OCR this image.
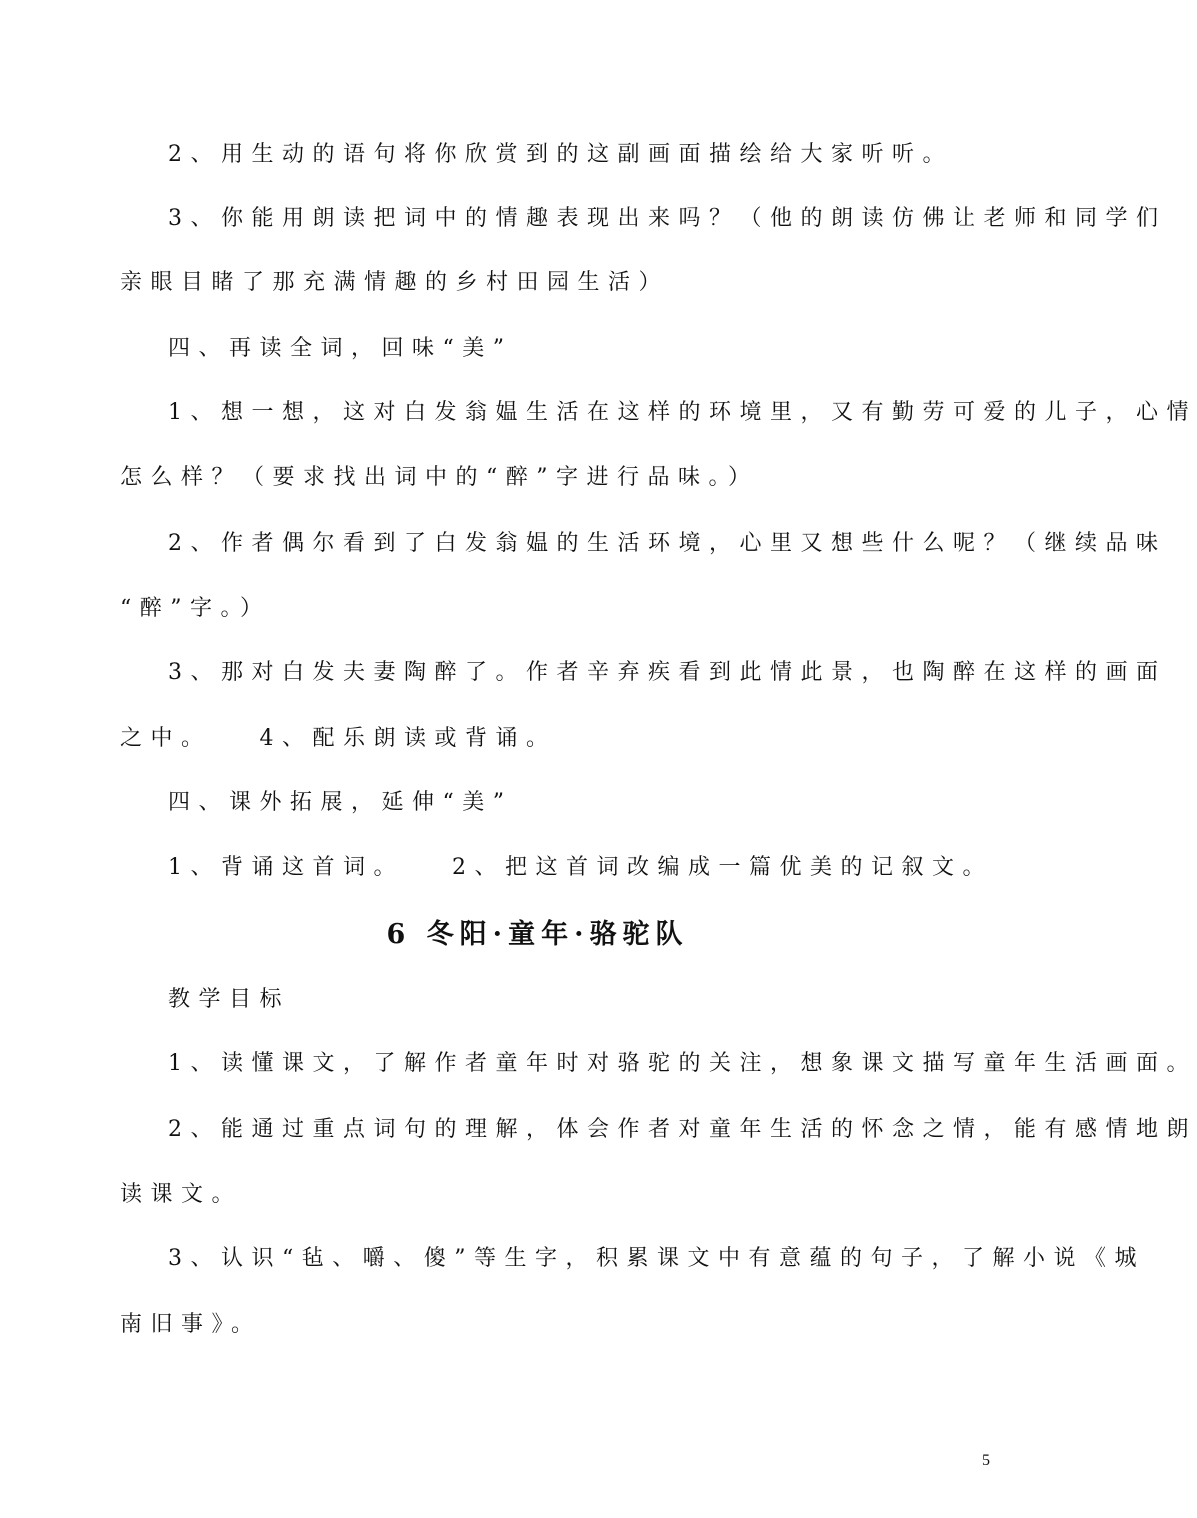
2、用生动的语句将你欣赏到的这副画面描绘给大家听听。
3、你能用朗读把词中的情趣表现出来吗？（他的朗读仿佛让老师和同学们
亲眼目睹了那充满情趣的乡村田园生活）
四、再读全词，回味“美”
1、想一想，这对白发翁媪生活在这样的环境里，又有勤劳可爱的儿子，心情
怎么样？（要求找出词中的“醉”字进行品味。）
2、作者偶尔看到了白发翁媪的生活环境，心里又想些什么呢？（继续品味
“醉”字。）
3、那对白发夫妻陶醉了。作者辛弃疾看到此情此景，也陶醉在这样的画面
之中。 4、配乐朗读或背诵。
四、课外拓展，延伸“美”
1、背诵这首词。 2、把这首词改编成一篇优美的记叙文。
6 冬阳·童年·骆驼队
教学目标
1、读懂课文，了解作者童年时对骆驼的关注，想象课文描写童年生活画面。
2、能通过重点词句的理解，体会作者对童年生活的怀念之情，能有感情地朗
读课文。
3、认识“毡、嚼、傻”等生字，积累课文中有意蕴的句子，了解小说《城
南旧事》。
5
